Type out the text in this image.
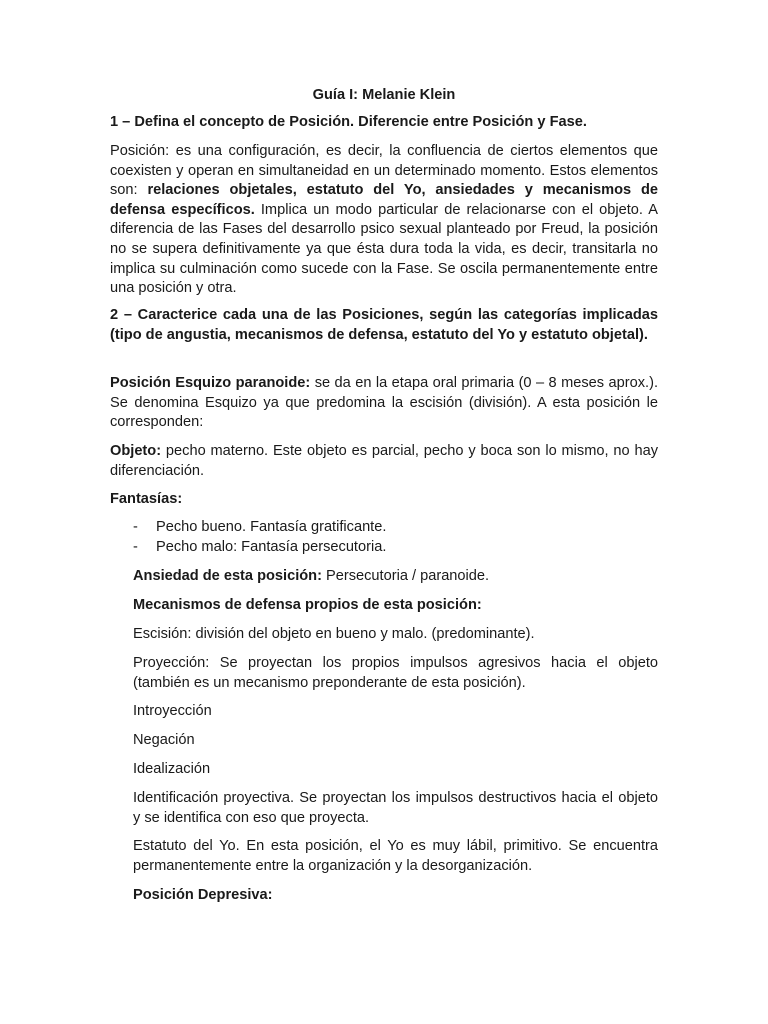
Guía I: Melanie Klein
1 – Defina el concepto de Posición. Diferencie entre Posición y Fase.
Posición: es una configuración, es decir, la confluencia de ciertos elementos que coexisten y operan en simultaneidad en un determinado momento. Estos elementos son: relaciones objetales, estatuto del Yo, ansiedades y mecanismos de defensa específicos. Implica un modo particular de relacionarse con el objeto. A diferencia de las Fases del desarrollo psico sexual planteado por Freud, la posición no se supera definitivamente ya que ésta dura toda la vida, es decir, transitarla no implica su culminación como sucede con la Fase. Se oscila permanentemente entre una posición y otra.
2 – Caracterice cada una de las Posiciones, según las categorías implicadas (tipo de angustia, mecanismos de defensa, estatuto del Yo y estatuto objetal).
Posición Esquizo paranoide: se da en la etapa oral primaria (0 – 8 meses aprox.). Se denomina Esquizo ya que predomina la escisión (división). A esta posición le corresponden:
Objeto: pecho materno. Este objeto es parcial, pecho y boca son lo mismo, no hay diferenciación.
Fantasías:
- Pecho bueno. Fantasía gratificante.
- Pecho malo: Fantasía persecutoria.
Ansiedad de esta posición: Persecutoria / paranoide.
Mecanismos de defensa propios de esta posición:
Escisión: división del objeto en bueno y malo. (predominante).
Proyección: Se proyectan los propios impulsos agresivos hacia el objeto (también es un mecanismo preponderante de esta posición).
Introyección
Negación
Idealización
Identificación proyectiva. Se proyectan los impulsos destructivos hacia el objeto y se identifica con eso que proyecta.
Estatuto del Yo. En esta posición, el Yo es muy lábil, primitivo. Se encuentra permanentemente entre la organización y la desorganización.
Posición Depresiva:
